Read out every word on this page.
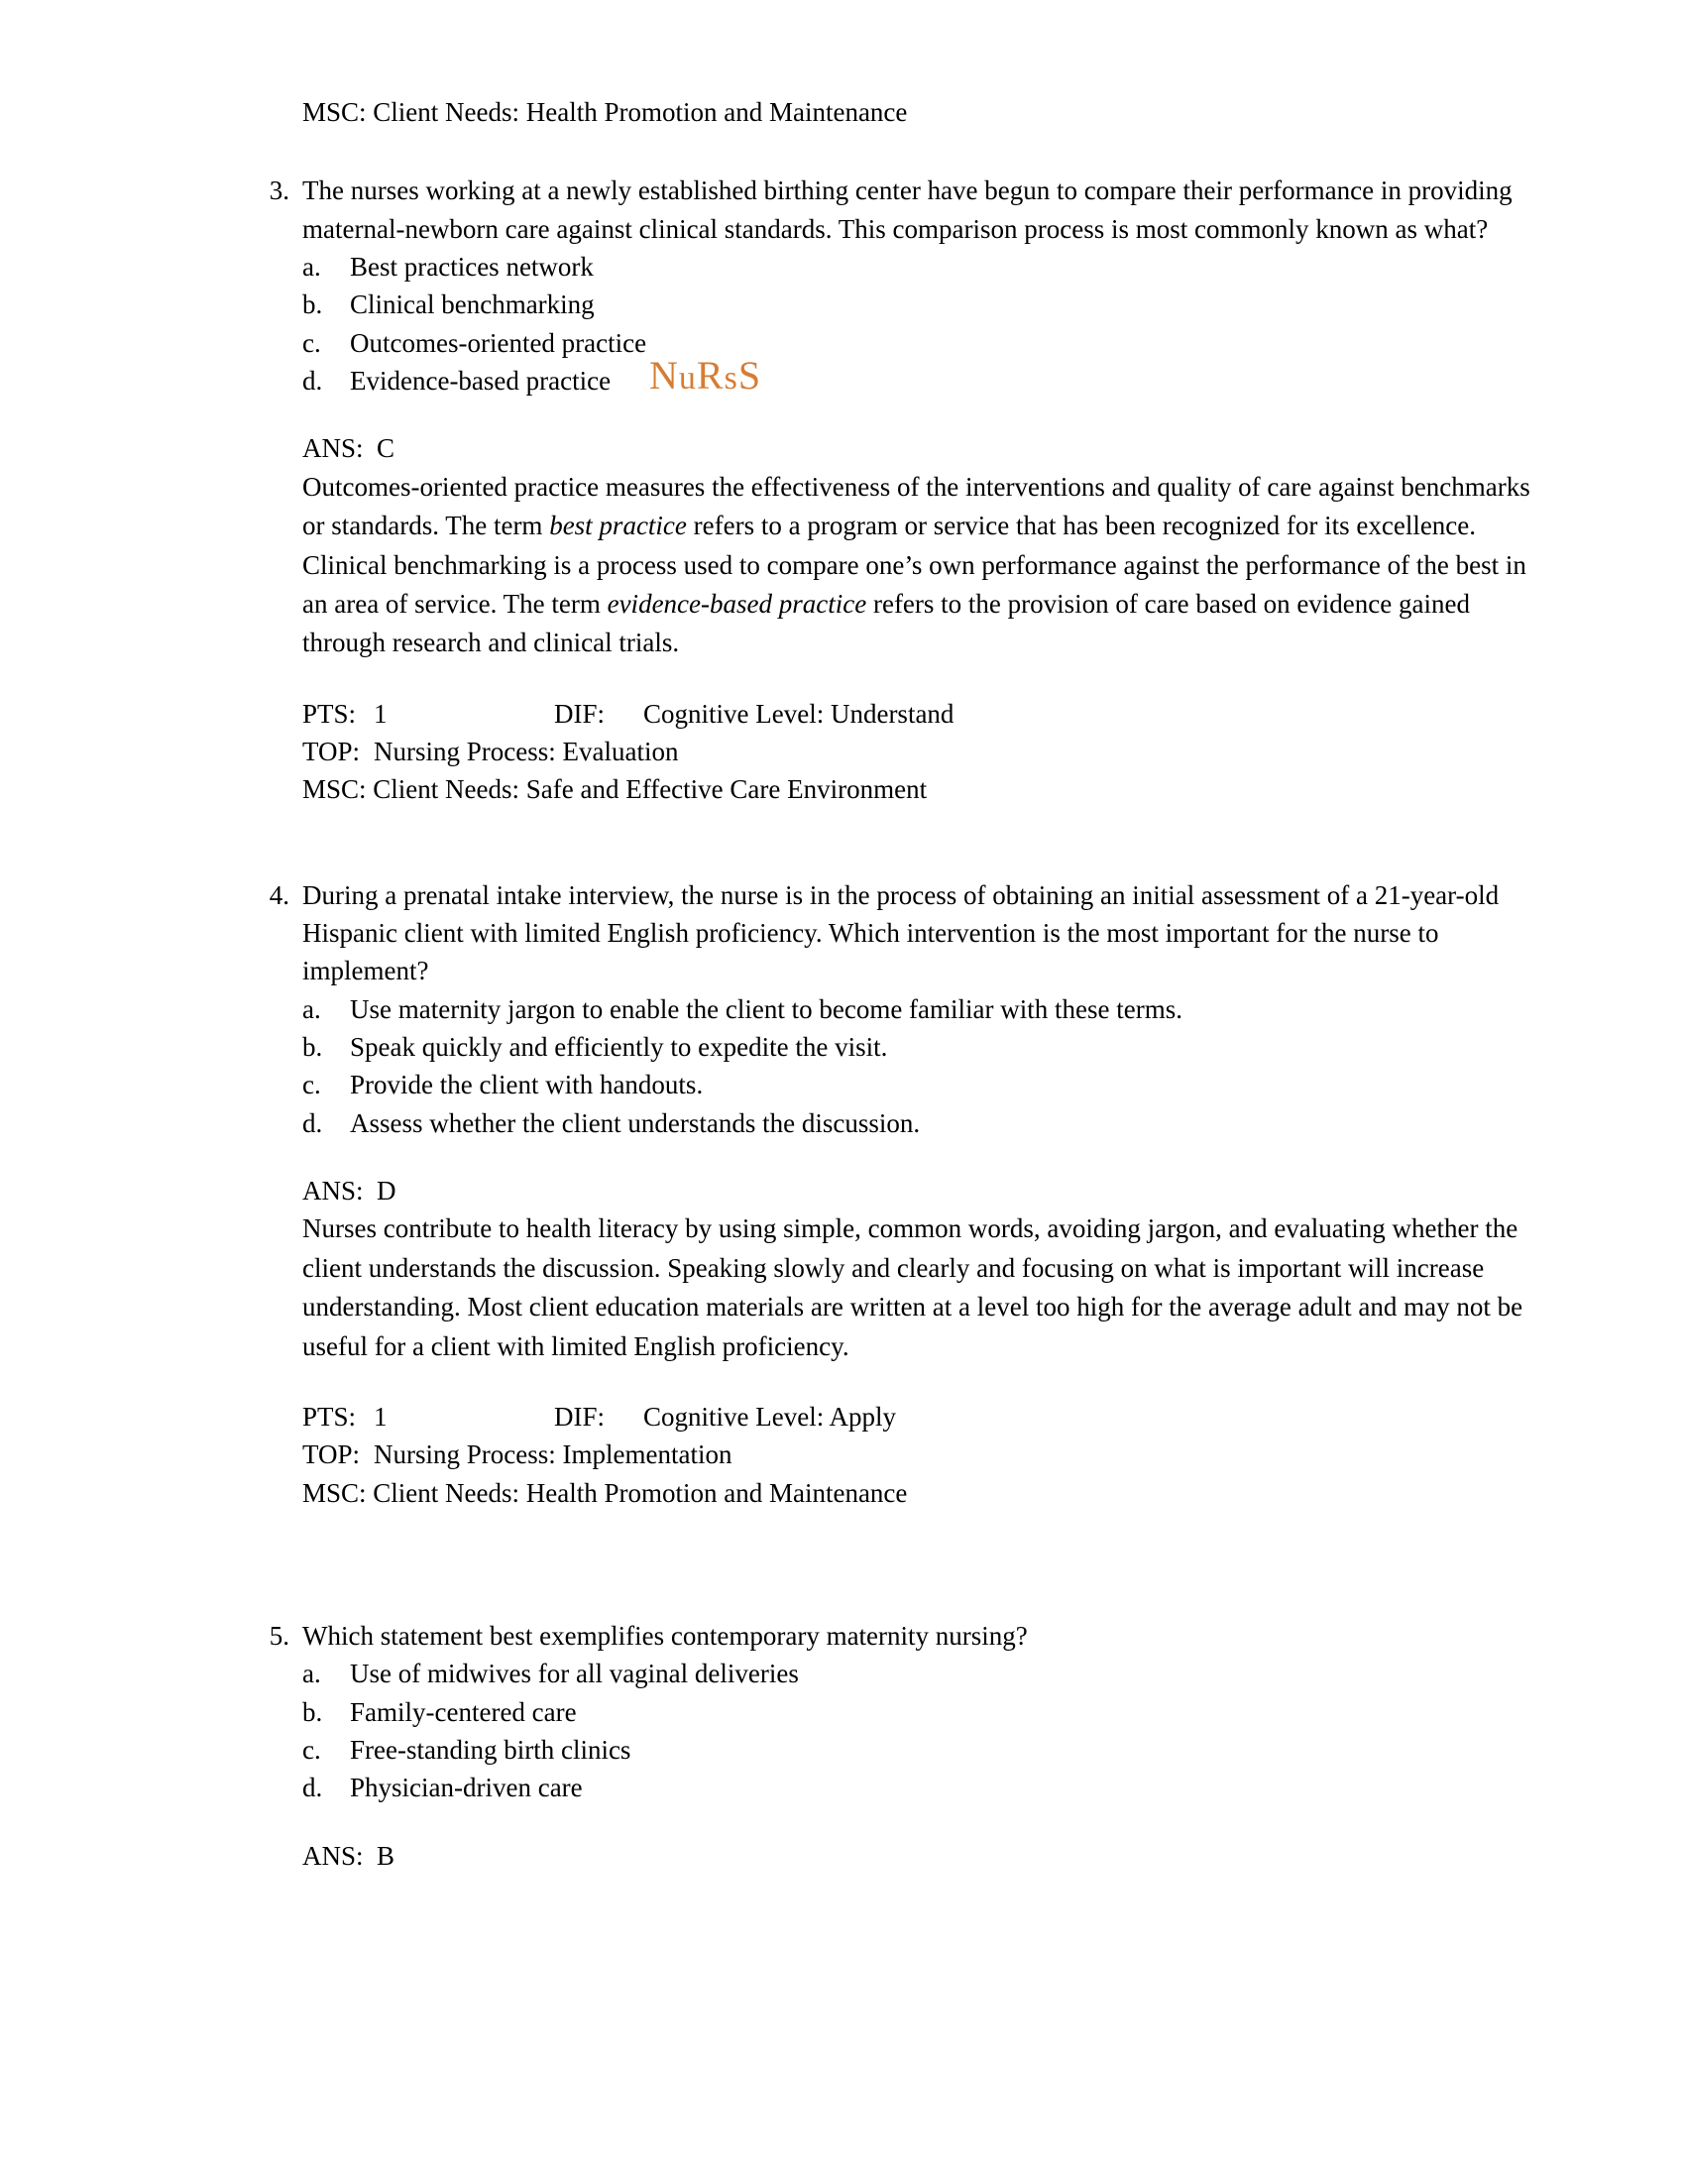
MSC: Client Needs: Health Promotion and Maintenance
3. The nurses working at a newly established birthing center have begun to compare their performance in providing maternal-newborn care against clinical standards. This comparison process is most commonly known as what?
a. Best practices network
b. Clinical benchmarking
c. Outcomes-oriented practice
d. Evidence-based practice
ANS: C
Outcomes-oriented practice measures the effectiveness of the interventions and quality of care against benchmarks or standards. The term best practice refers to a program or service that has been recognized for its excellence. Clinical benchmarking is a process used to compare one’s own performance against the performance of the best in an area of service. The term evidence-based practice refers to the provision of care based on evidence gained through research and clinical trials.
PTS: 1	DIF: Cognitive Level: Understand
TOP: Nursing Process: Evaluation
MSC: Client Needs: Safe and Effective Care Environment
4. During a prenatal intake interview, the nurse is in the process of obtaining an initial assessment of a 21-year-old Hispanic client with limited English proficiency. Which intervention is the most important for the nurse to implement?
a. Use maternity jargon to enable the client to become familiar with these terms.
b. Speak quickly and efficiently to expedite the visit.
c. Provide the client with handouts.
d. Assess whether the client understands the discussion.
ANS: D
Nurses contribute to health literacy by using simple, common words, avoiding jargon, and evaluating whether the client understands the discussion. Speaking slowly and clearly and focusing on what is important will increase understanding. Most client education materials are written at a level too high for the average adult and may not be useful for a client with limited English proficiency.
PTS: 1	DIF: Cognitive Level: Apply
TOP: Nursing Process: Implementation
MSC: Client Needs: Health Promotion and Maintenance
5. Which statement best exemplifies contemporary maternity nursing?
a. Use of midwives for all vaginal deliveries
b. Family-centered care
c. Free-standing birth clinics
d. Physician-driven care
ANS: B
NuRsS
